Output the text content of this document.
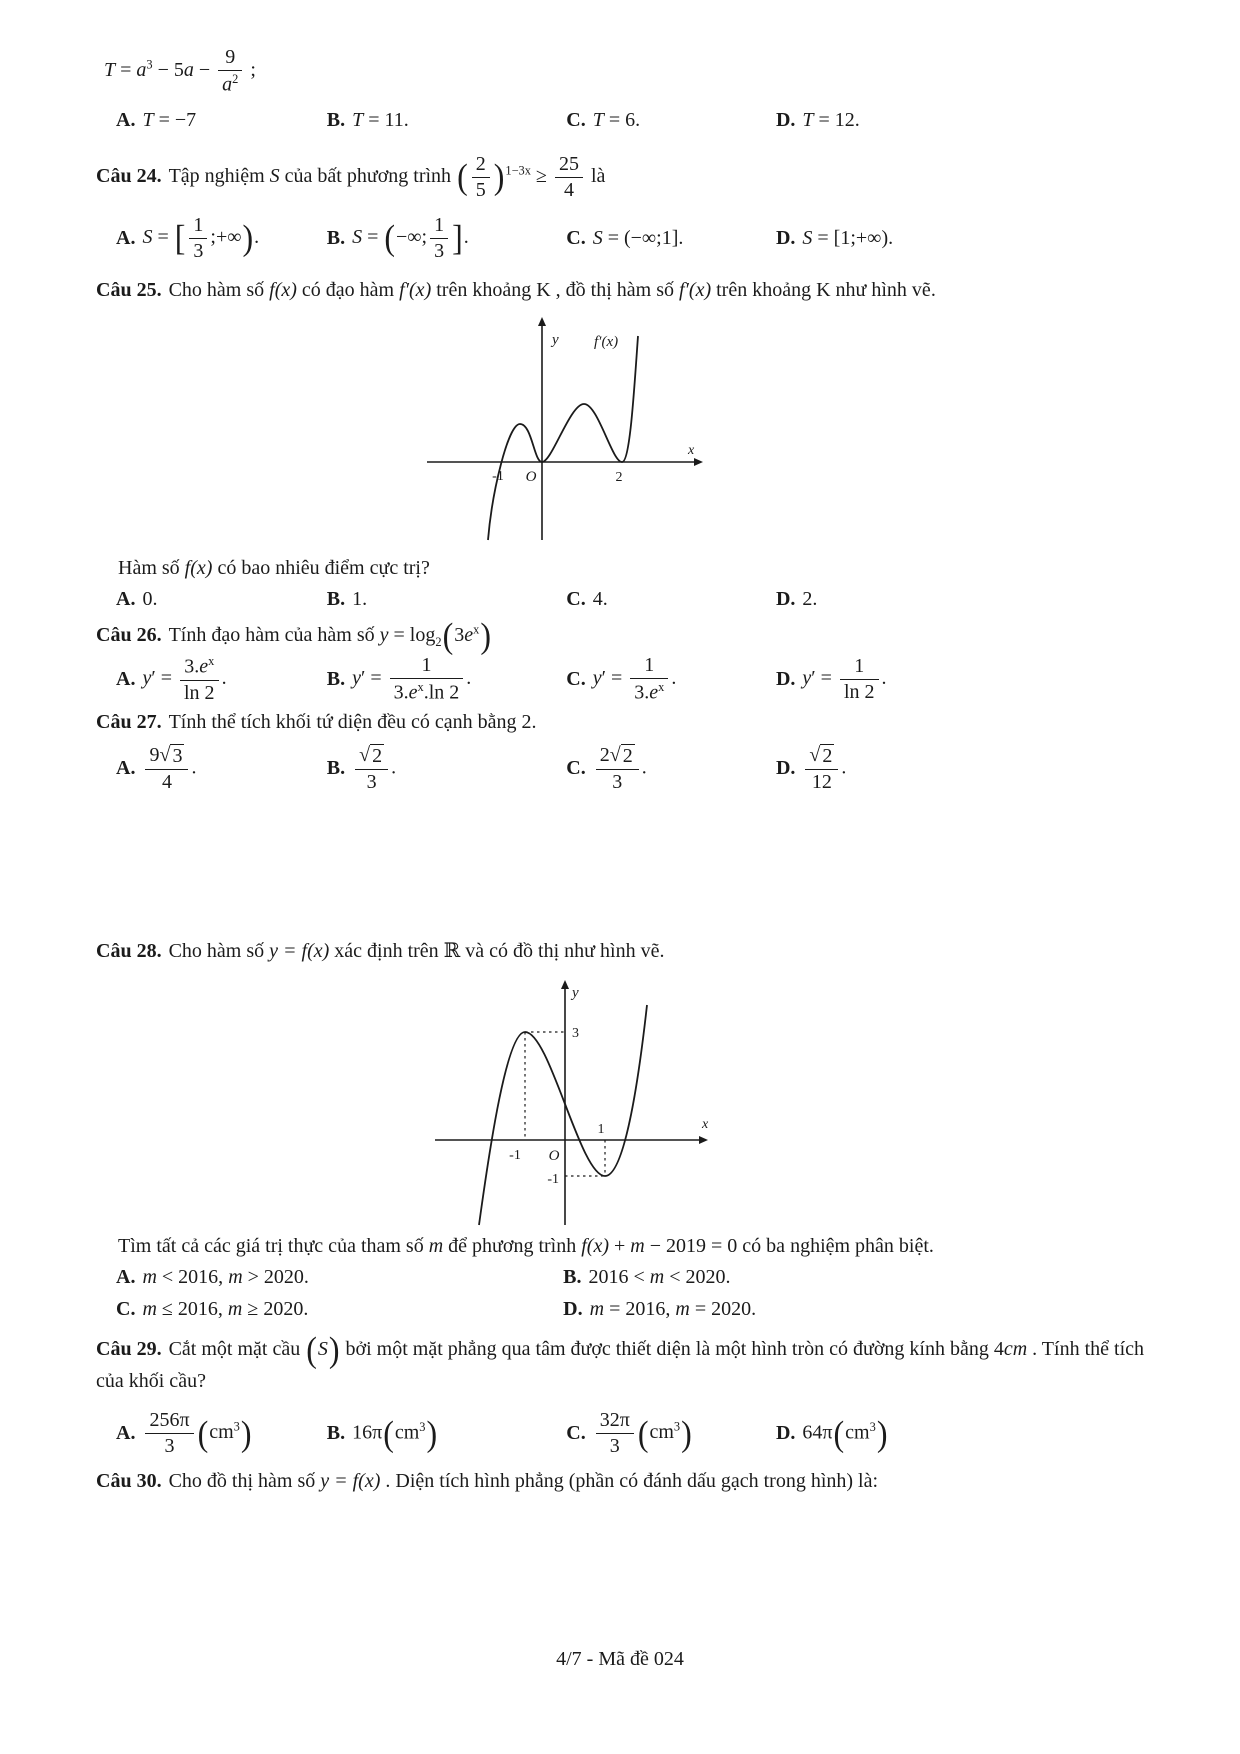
$T = a^3 - 5a - \frac{9}{a^2}$ ;
A. T = −7	B. T = 11.	C. T = 6.	D. T = 12.

Câu 24. Tập nghiệm S của bất phương trình ( $\frac{2}{5} )^{1-3x} \ge \frac{25}{4}$ là

A. S = [ $\frac{1}{3}$ ;+∞).	B. S = (−∞; $\frac{1}{3}$ ].	C. S = (−∞;1].	D. S = [1;+∞).

Câu 25. Cho hàm số f(x) có đạo hàm f′(x) trên khoảng K , đồ thị hàm số f′(x) trên khoảng K như hình vẽ.

y f′(x)
x
-1 O	2

Hàm số f(x) có bao nhiêu điểm cực trị?

A. 0.	B. 1.	C. 4.	D. 2.

Câu 26. Tính đạo hàm của hàm số $y = \log_2(3e^x)$

A. $y' = \frac{3.e^x}{\ln 2}$ .	B. $y' = \frac{1}{3.e^x.\ln 2}$ .	C. $y' = \frac{1}{3.e^x}$ .	D. $y' = \frac{1}{\ln 2}$ .

Câu 27. Tính thể tích khối tứ diện đều có cạnh bằng 2.

A. $\frac{9 √ 3}{4}$ .	B. $\frac{√ 2}{3}$ .	C. $\frac{2 √ 2}{3}$ .	D. $\frac{√ 2}{12}$ .

Câu 28. Cho hàm số y = f(x) xác định trên ℝ và có đồ thị như hình vẽ.

y
x
3
-1 O
1
-1

Tìm tất cả các giá trị thực của tham số m để phương trình f(x) + m − 2019 = 0 có ba nghiệm phân biệt.

A. m < 2016, m > 2020.	B. 2016 < m < 2020.
C. m ≤ 2016, m ≥ 2020.	D. m = 2016, m = 2020.

Câu 29. Cắt một mặt cầu (S) bởi một mặt phẳng qua tâm được thiết diện là một hình tròn có đường kính bằng 4cm . Tính thể tích của khối cầu?

A. $\frac{256\pi}{3} (cm^3)$	B. $16\pi(cm^3)$	C. $\frac{32\pi}{3} (cm^3)$	D. $64\pi(cm^3)$

Câu 30. Cho đồ thị hàm số y = f(x) . Diện tích hình phẳng (phần có đánh dấu gạch trong hình) là:

4/7 - Mã đề 024
